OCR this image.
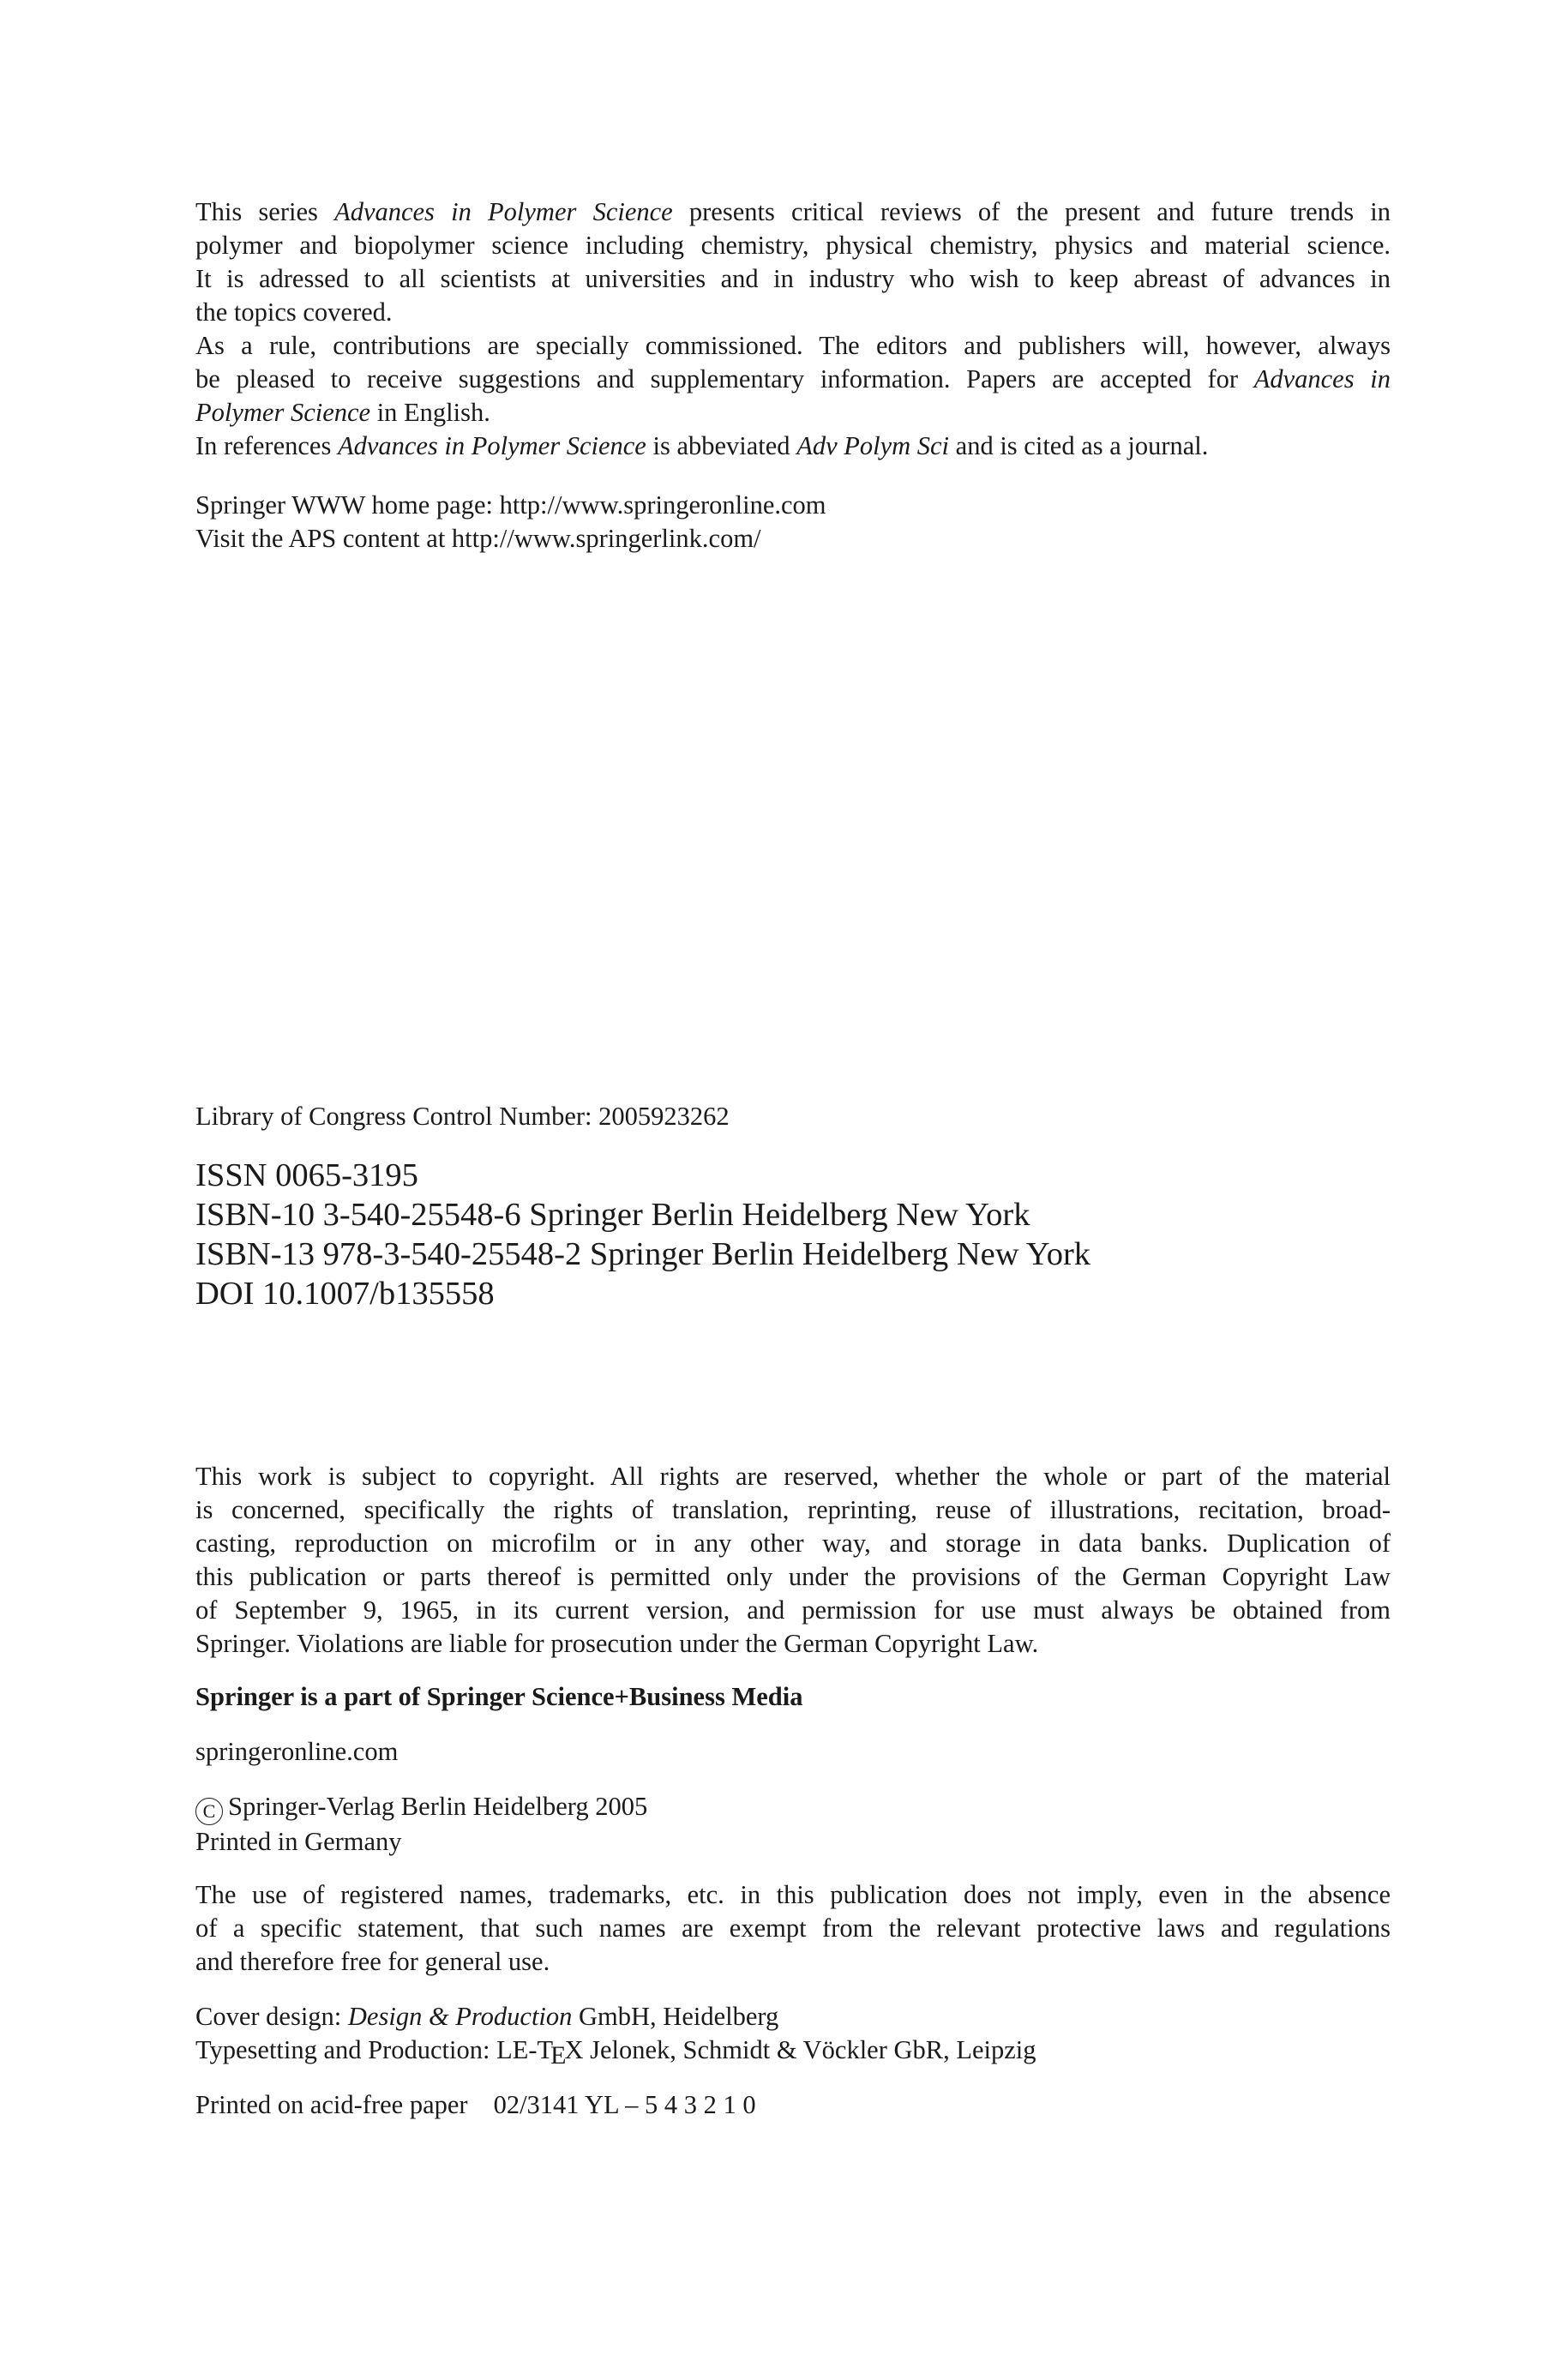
This series Advances in Polymer Science presents critical reviews of the present and future trends in
polymer and biopolymer science including chemistry, physical chemistry, physics and material science.
It is adressed to all scientists at universities and in industry who wish to keep abreast of advances in
the topics covered.

As a rule, contributions are specially commissioned. The editors and publishers will, however, always
be pleased to receive suggestions and supplementary information. Papers are accepted for Advances in
Polymer Science in English.

In references Advances in Polymer Science is abbeviated Adv Polym Sci and is cited as a journal.

Springer WWW home page: http://www.springeronline.com
Visit the APS content at http://www.springerlink.com/

Library of Congress Control Number: 2005923262

ISSN 0065-3195

ISBN-10 3-540-25548-6 Springer Berlin Heidelberg New York

ISBN-13 978-3-540-25548-2 Springer Berlin Heidelberg New York

DOI 10.1007/b135558

This work is subject to copyright. All rights are reserved, whether the whole or part of the material
is concerned, specifically the rights of translation, reprinting, reuse of illustrations, recitation, broad-
casting, reproduction on microfilm or in any other way, and storage in data banks. Duplication of
this publication or parts thereof is permitted only under the provisions of the German Copyright Law
of September 9, 1965, in its current version, and permission for use must always be obtained from
Springer. Violations are liable for prosecution under the German Copyright Law.

Springer is a part of Springer Science+Business Media

springeronline.com

C Springer-Verlag Berlin Heidelberg 2005
Printed in Germany

The use of registered names, trademarks, etc. in this publication does not imply, even in the absence
of a specific statement, that such names are exempt from the relevant protective laws and regulations
and therefore free for general use.

Cover design: Design & Production GmbH, Heidelberg
Typesetting and Production: LE-TEX Jelonek, Schmidt & Vöckler GbR, Leipzig

Printed on acid-free paper 02/3141 YL – 5 4 3 2 1 0
